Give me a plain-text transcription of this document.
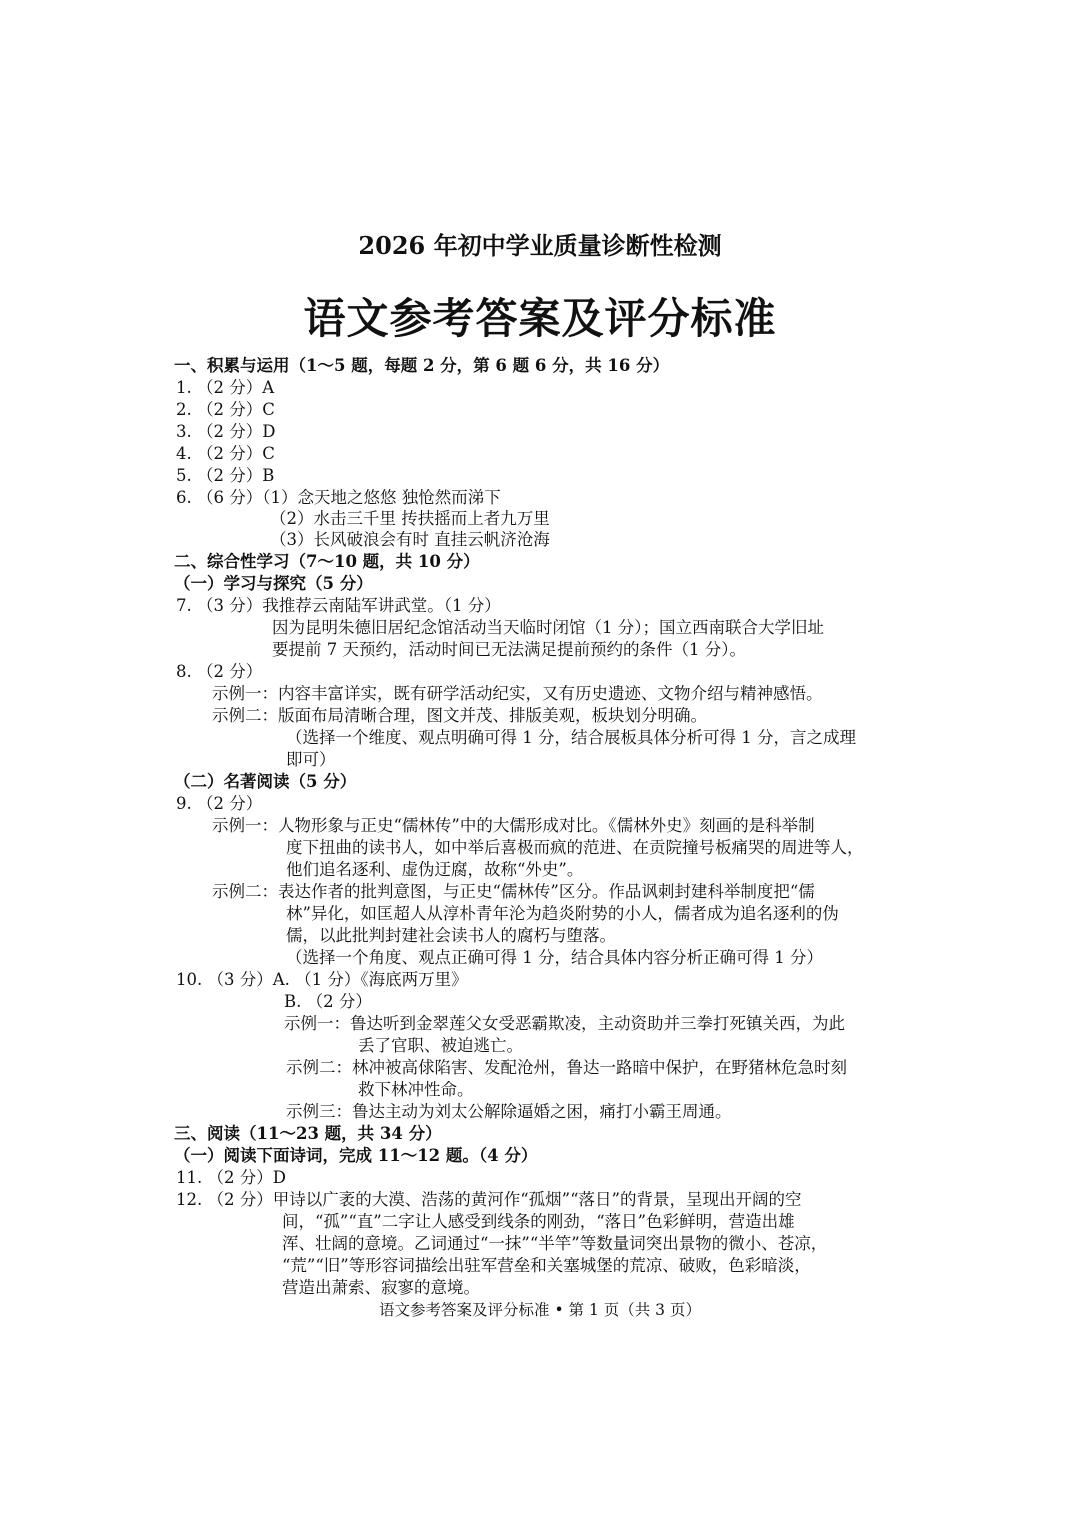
2026 年初中学业质量诊断性检测
语文参考答案及评分标准
一、积累与运用（1～5 题，每题 2 分，第 6 题 6 分，共 16 分）
1. （2 分）A
2. （2 分）C
3. （2 分）D
4. （2 分）C
5. （2 分）B
6. （6 分）（1）念天地之悠悠 独怆然而涕下
（2）水击三千里 抟扶摇而上者九万里
（3）长风破浪会有时 直挂云帆济沧海
二、综合性学习（7～10 题，共 10 分）
（一）学习与探究（5 分）
7. （3 分）我推荐云南陆军讲武堂。（1 分）
因为昆明朱德旧居纪念馆活动当天临时闭馆（1 分）；国立西南联合大学旧址
要提前 7 天预约，活动时间已无法满足提前预约的条件（1 分）。
8. （2 分）
示例一：内容丰富详实，既有研学活动纪实，又有历史遗迹、文物介绍与精神感悟。
示例二：版面布局清晰合理，图文并茂、排版美观，板块划分明确。
（选择一个维度、观点明确可得 1 分，结合展板具体分析可得 1 分，言之成理
即可）
（二）名著阅读（5 分）
9. （2 分）
示例一：人物形象与正史“儒林传”中的大儒形成对比。《儒林外史》刻画的是科举制
度下扭曲的读书人，如中举后喜极而疯的范进、在贡院撞号板痛哭的周进等人，
他们追名逐利、虚伪迂腐，故称“外史”。
示例二：表达作者的批判意图，与正史“儒林传”区分。作品讽刺封建科举制度把“儒
林”异化，如匡超人从淳朴青年沦为趋炎附势的小人，儒者成为追名逐利的伪
儒，以此批判封建社会读书人的腐朽与堕落。
（选择一个角度、观点正确可得 1 分，结合具体内容分析正确可得 1 分）
10. （3 分）A. （1 分）《海底两万里》
B. （2 分）
示例一：鲁达听到金翠莲父女受恶霸欺凌，主动资助并三拳打死镇关西，为此
丢了官职、被迫逃亡。
示例二：林冲被高俅陷害、发配沧州，鲁达一路暗中保护，在野猪林危急时刻
救下林冲性命。
示例三：鲁达主动为刘太公解除逼婚之困，痛打小霸王周通。
三、阅读（11～23 题，共 34 分）
（一）阅读下面诗词，完成 11～12 题。（4 分）
11. （2 分）D
12. （2 分）甲诗以广袤的大漠、浩荡的黄河作“孤烟”“落日”的背景，呈现出开阔的空
间，“孤”“直”二字让人感受到线条的刚劲，“落日”色彩鲜明，营造出雄
浑、壮阔的意境。乙词通过“一抹”“半竿”等数量词突出景物的微小、苍凉，
“荒”“旧”等形容词描绘出驻军营垒和关塞城堡的荒凉、破败，色彩暗淡，
营造出萧索、寂寥的意境。
语文参考答案及评分标准 • 第 1 页（共 3 页）
